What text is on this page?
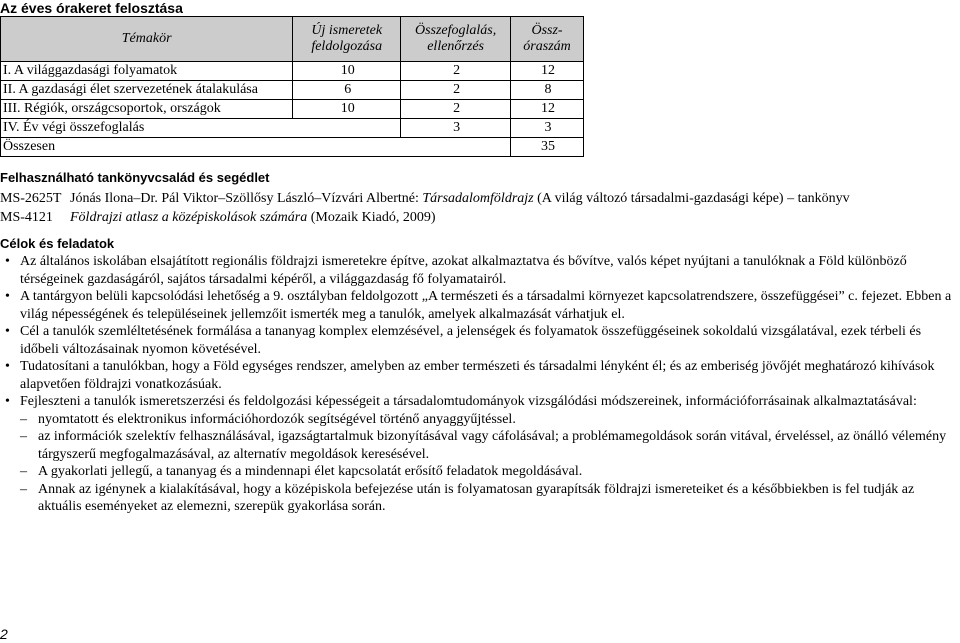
Az éves órakeret felosztása
Témakör	Új ismeretek feldolgozása	Összefoglalás, ellenőrzés	Össz-óraszám
I. A világgazdasági folyamatok	10	2	12
II. A gazdasági élet szervezetének átalakulása	6	2	8
III. Régiók, országcsoportok, országok	10	2	12
IV. Év végi összefoglalás		3	3
Összesen			35
Felhasználható tankönyvcsalád és segédlet
MS-2625T Jónás Ilona–Dr. Pál Viktor–Szöllősy László–Vízvári Albertné: Társadalomföldrajz (A világ változó társadalmi-gazdasági képe) – tankönyv
MS-4121 Földrajzi atlasz a középiskolások számára (Mozaik Kiadó, 2009)
Célok és feladatok
• Az általános iskolában elsajátított regionális földrajzi ismeretekre építve, azokat alkalmaztatva és bővítve, valós képet nyújtani a tanulóknak a Föld különböző térségeinek gazdaságáról, sajátos társadalmi képéről, a világgazdaság fő folyamatairól.
• A tantárgyon belüli kapcsolódási lehetőség a 9. osztályban feldolgozott „A természeti és a társadalmi környezet kapcsolatrendszere, összefüggései” c. fejezet. Ebben a világ népességének és településeinek jellemzőit ismerték meg a tanulók, amelyek alkalmazását várhatjuk el.
• Cél a tanulók szemléltetésének formálása a tananyag komplex elemzésével, a jelenségek és folyamatok összefüggéseinek sokoldalú vizsgálatával, ezek térbeli és időbeli változásainak nyomon követésével.
• Tudatosítani a tanulókban, hogy a Föld egységes rendszer, amelyben az ember természeti és társadalmi lényként él; és az emberiség jövőjét meghatározó kihívások alapvetően földrajzi vonatkozásúak.
• Fejleszteni a tanulók ismeretszerzési és feldolgozási képességeit a társadalomtudományok vizsgálódási módszereinek, információforrásainak alkalmaztatásával:
– nyomtatott és elektronikus információhordozók segítségével történő anyaggyűjtéssel.
– az információk szelektív felhasználásával, igazságtartalmuk bizonyításával vagy cáfolásával; a problémamegoldások során vitával, érveléssel, az önálló vélemény tárgyszerű megfogalmazásával, az alternatív megoldások keresésével.
– A gyakorlati jellegű, a tananyag és a mindennapi élet kapcsolatát erősítő feladatok megoldásával.
– Annak az igénynek a kialakításával, hogy a középiskola befejezése után is folyamatosan gyarapítsák földrajzi ismereteiket és a későbbiekben is fel tudják az aktuális eseményeket az elemezni, szerepük gyakorlása során.
2
